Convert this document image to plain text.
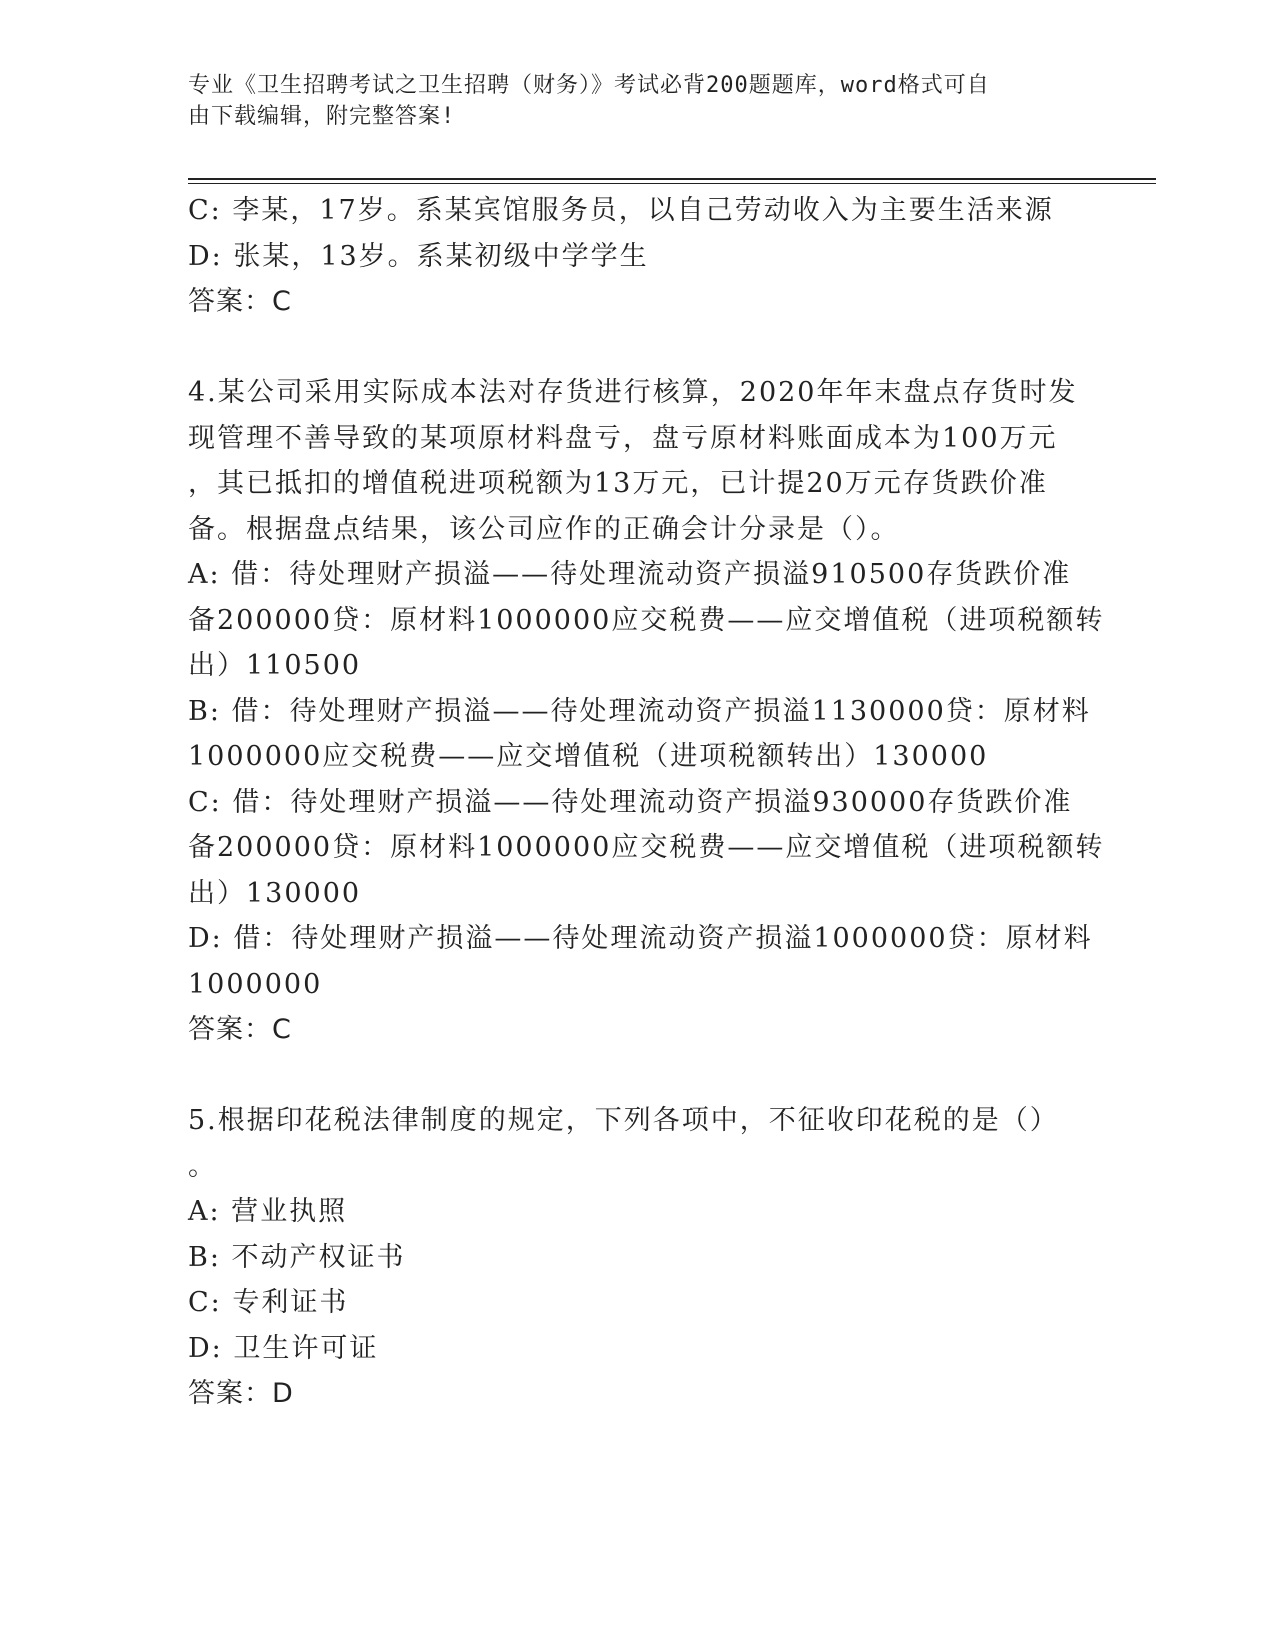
专业《卫生招聘考试之卫生招聘（财务）》考试必背200题题库，word格式可自
由下载编辑，附完整答案!
C: 李某，17岁。系某宾馆服务员，以自己劳动收入为主要生活来源
D: 张某，13岁。系某初级中学学生
答案：C
4.某公司采用实际成本法对存货进行核算，2020年年末盘点存货时发
现管理不善导致的某项原材料盘亏，盘亏原材料账面成本为100万元
，其已抵扣的增值税进项税额为13万元，已计提20万元存货跌价准
备。根据盘点结果，该公司应作的正确会计分录是（）。
A: 借：待处理财产损溢——待处理流动资产损溢910500存货跌价准
备200000贷：原材料1000000应交税费——应交增值税（进项税额转
出）110500
B: 借：待处理财产损溢——待处理流动资产损溢1130000贷：原材料
1000000应交税费——应交增值税（进项税额转出）130000
C: 借：待处理财产损溢——待处理流动资产损溢930000存货跌价准
备200000贷：原材料1000000应交税费——应交增值税（进项税额转
出）130000
D: 借：待处理财产损溢——待处理流动资产损溢1000000贷：原材料
1000000
答案：C
5.根据印花税法律制度的规定，下列各项中，不征收印花税的是（）
。
A: 营业执照
B: 不动产权证书
C: 专利证书
D: 卫生许可证
答案：D
